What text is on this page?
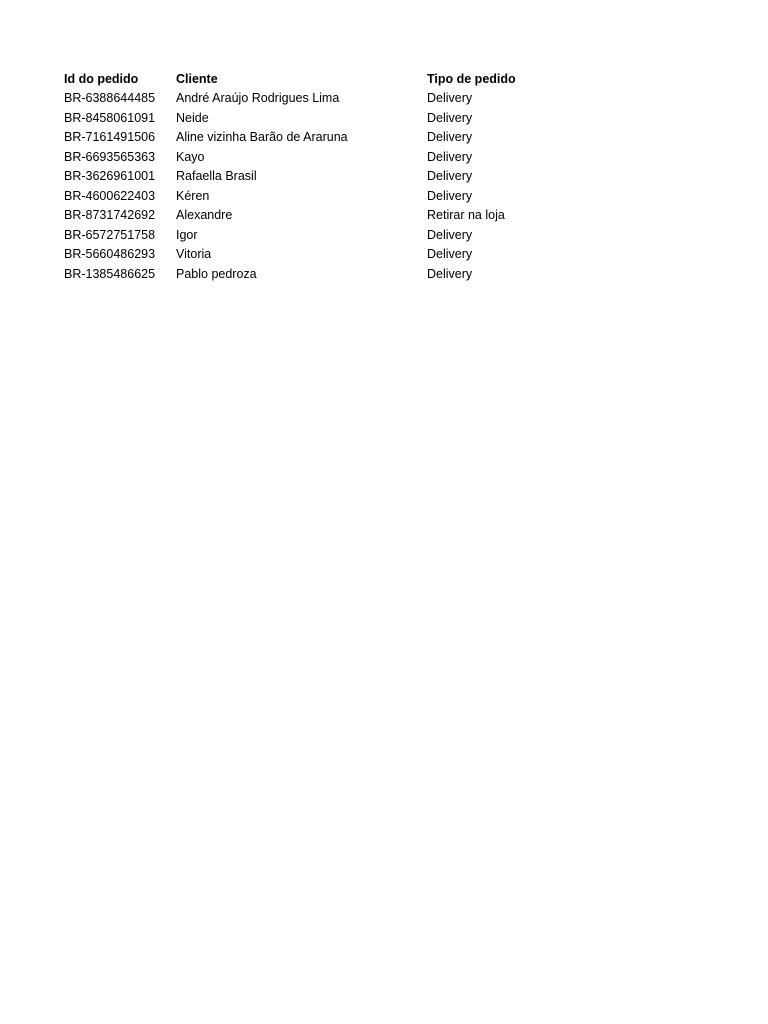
Id do pedido	Cliente	Tipo de pedido
BR-6388644485	André Araújo Rodrigues Lima	Delivery
BR-8458061091	Neide	Delivery
BR-7161491506	Aline vizinha Barão de Araruna	Delivery
BR-6693565363	Kayo	Delivery
BR-3626961001	Rafaella Brasil	Delivery
BR-4600622403	Kéren	Delivery
BR-8731742692	Alexandre	Retirar na loja
BR-6572751758	Igor	Delivery
BR-5660486293	Vitoria	Delivery
BR-1385486625	Pablo pedroza	Delivery
